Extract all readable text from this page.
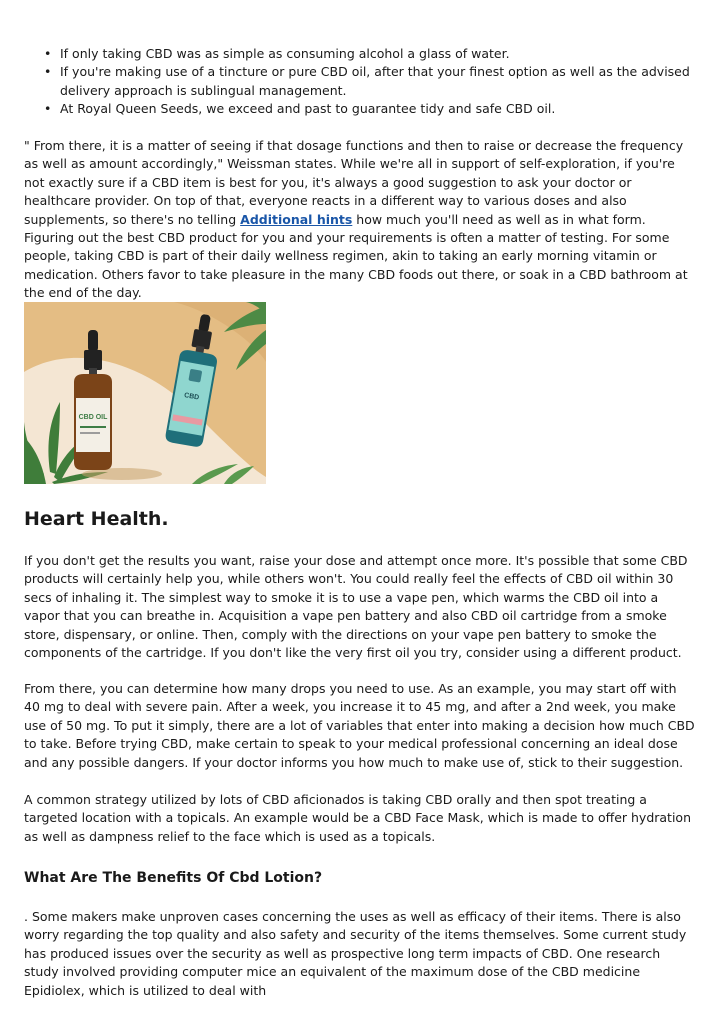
• If only taking CBD was as simple as consuming alcohol a glass of water.
• If you're making use of a tincture or pure CBD oil, after that your finest option as well as the advised delivery approach is sublingual management.
• At Royal Queen Seeds, we exceed and past to guarantee tidy and safe CBD oil.

" From there, it is a matter of seeing if that dosage functions and then to raise or decrease the frequency as well as amount accordingly," Weissman states. While we're all in support of self-exploration, if you're not exactly sure if a CBD item is best for you, it's always a good suggestion to ask your doctor or healthcare provider. On top of that, everyone reacts in a different way to various doses and also supplements, so there's no telling Additional hints how much you'll need as well as in what form. Figuring out the best CBD product for you and your requirements is often a matter of testing. For some people, taking CBD is part of their daily wellness regimen, akin to taking an early morning vitamin or medication. Others favor to take pleasure in the many CBD foods out there, or soak in a CBD bathroom at the end of the day.

CBD OIL
CBD
Heart Health.

If you don't get the results you want, raise your dose and attempt once more. It's possible that some CBD products will certainly help you, while others won't. You could really feel the effects of CBD oil within 30 secs of inhaling it. The simplest way to smoke it is to use a vape pen, which warms the CBD oil into a vapor that you can breathe in. Acquisition a vape pen battery and also CBD oil cartridge from a smoke store, dispensary, or online. Then, comply with the directions on your vape pen battery to smoke the components of the cartridge. If you don't like the very first oil you try, consider using a different product.

From there, you can determine how many drops you need to use. As an example, you may start off with 40 mg to deal with severe pain. After a week, you increase it to 45 mg, and after a 2nd week, you make use of 50 mg. To put it simply, there are a lot of variables that enter into making a decision how much CBD to take. Before trying CBD, make certain to speak to your medical professional concerning an ideal dose and any possible dangers. If your doctor informs you how much to make use of, stick to their suggestion.

A common strategy utilized by lots of CBD aficionados is taking CBD orally and then spot treating a targeted location with a topicals. An example would be a CBD Face Mask, which is made to offer hydration as well as dampness relief to the face which is used as a topicals.

What Are The Benefits Of Cbd Lotion?

. Some makers make unproven cases concerning the uses as well as efficacy of their items. There is also worry regarding the top quality and also safety and security of the items themselves. Some current study has produced issues over the security as well as prospective long term impacts of CBD. One research study involved providing computer mice an equivalent of the maximum dose of the CBD medicine Epidiolex, which is utilized to deal with
